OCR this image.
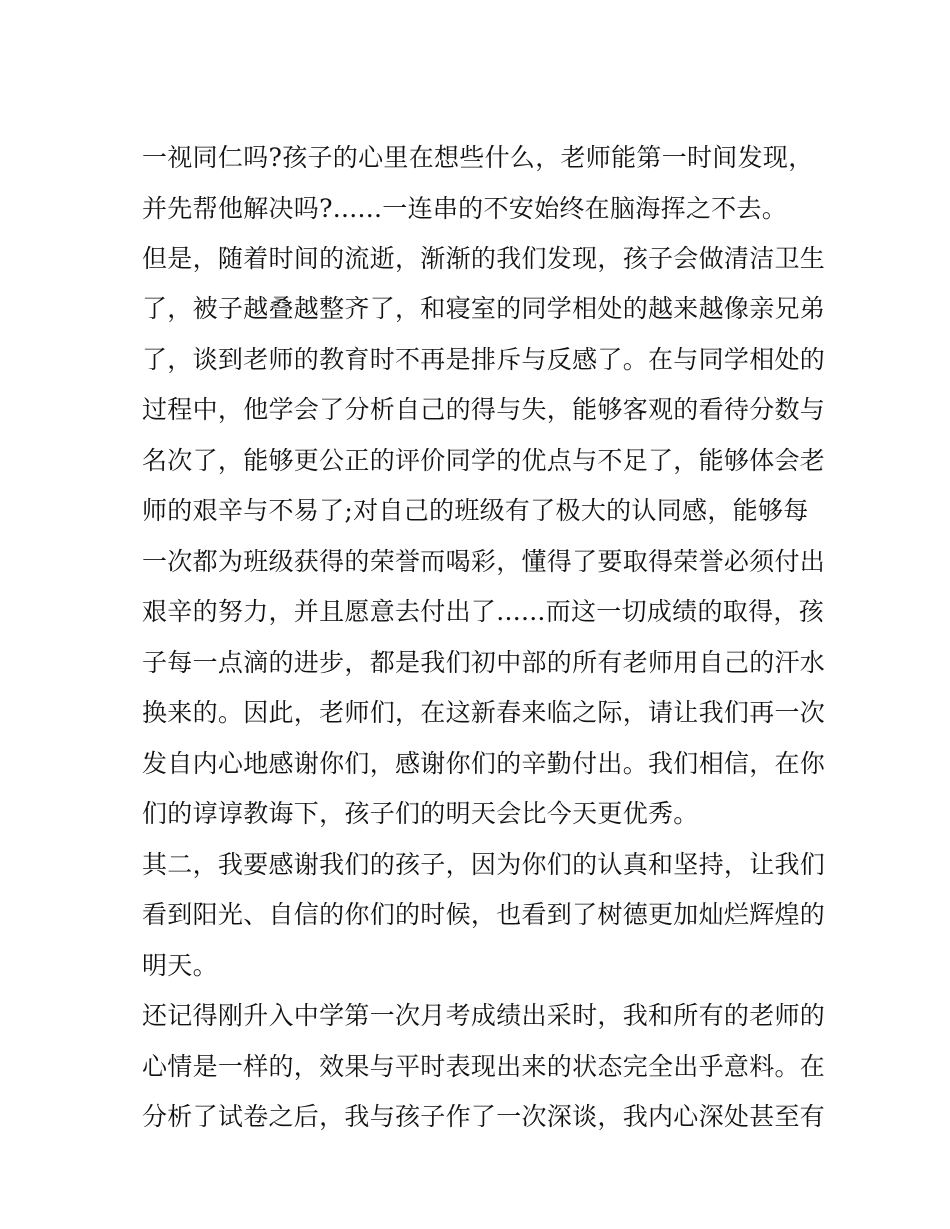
一视同仁吗?孩子的心里在想些什么，老师能第一时间发现，
并先帮他解决吗?......一连串的不安始终在脑海挥之不去。
但是，随着时间的流逝，渐渐的我们发现，孩子会做清洁卫生
了，被子越叠越整齐了，和寝室的同学相处的越来越像亲兄弟
了，谈到老师的教育时不再是排斥与反感了。在与同学相处的
过程中，他学会了分析自己的得与失，能够客观的看待分数与
名次了，能够更公正的评价同学的优点与不足了，能够体会老
师的艰辛与不易了;对自己的班级有了极大的认同感，能够每
一次都为班级获得的荣誉而喝彩，懂得了要取得荣誉必须付出
艰辛的努力，并且愿意去付出了......而这一切成绩的取得，孩
子每一点滴的进步，都是我们初中部的所有老师用自己的汗水
换来的。因此，老师们，在这新春来临之际，请让我们再一次
发自内心地感谢你们，感谢你们的辛勤付出。我们相信，在你
们的谆谆教诲下，孩子们的明天会比今天更优秀。
其二，我要感谢我们的孩子，因为你们的认真和坚持，让我们
看到阳光、自信的你们的时候，也看到了树德更加灿烂辉煌的
明天。
还记得刚升入中学第一次月考成绩出采时，我和所有的老师的
心情是一样的，效果与平时表现出来的状态完全出乎意料。在
分析了试卷之后，我与孩子作了一次深谈，我内心深处甚至有
